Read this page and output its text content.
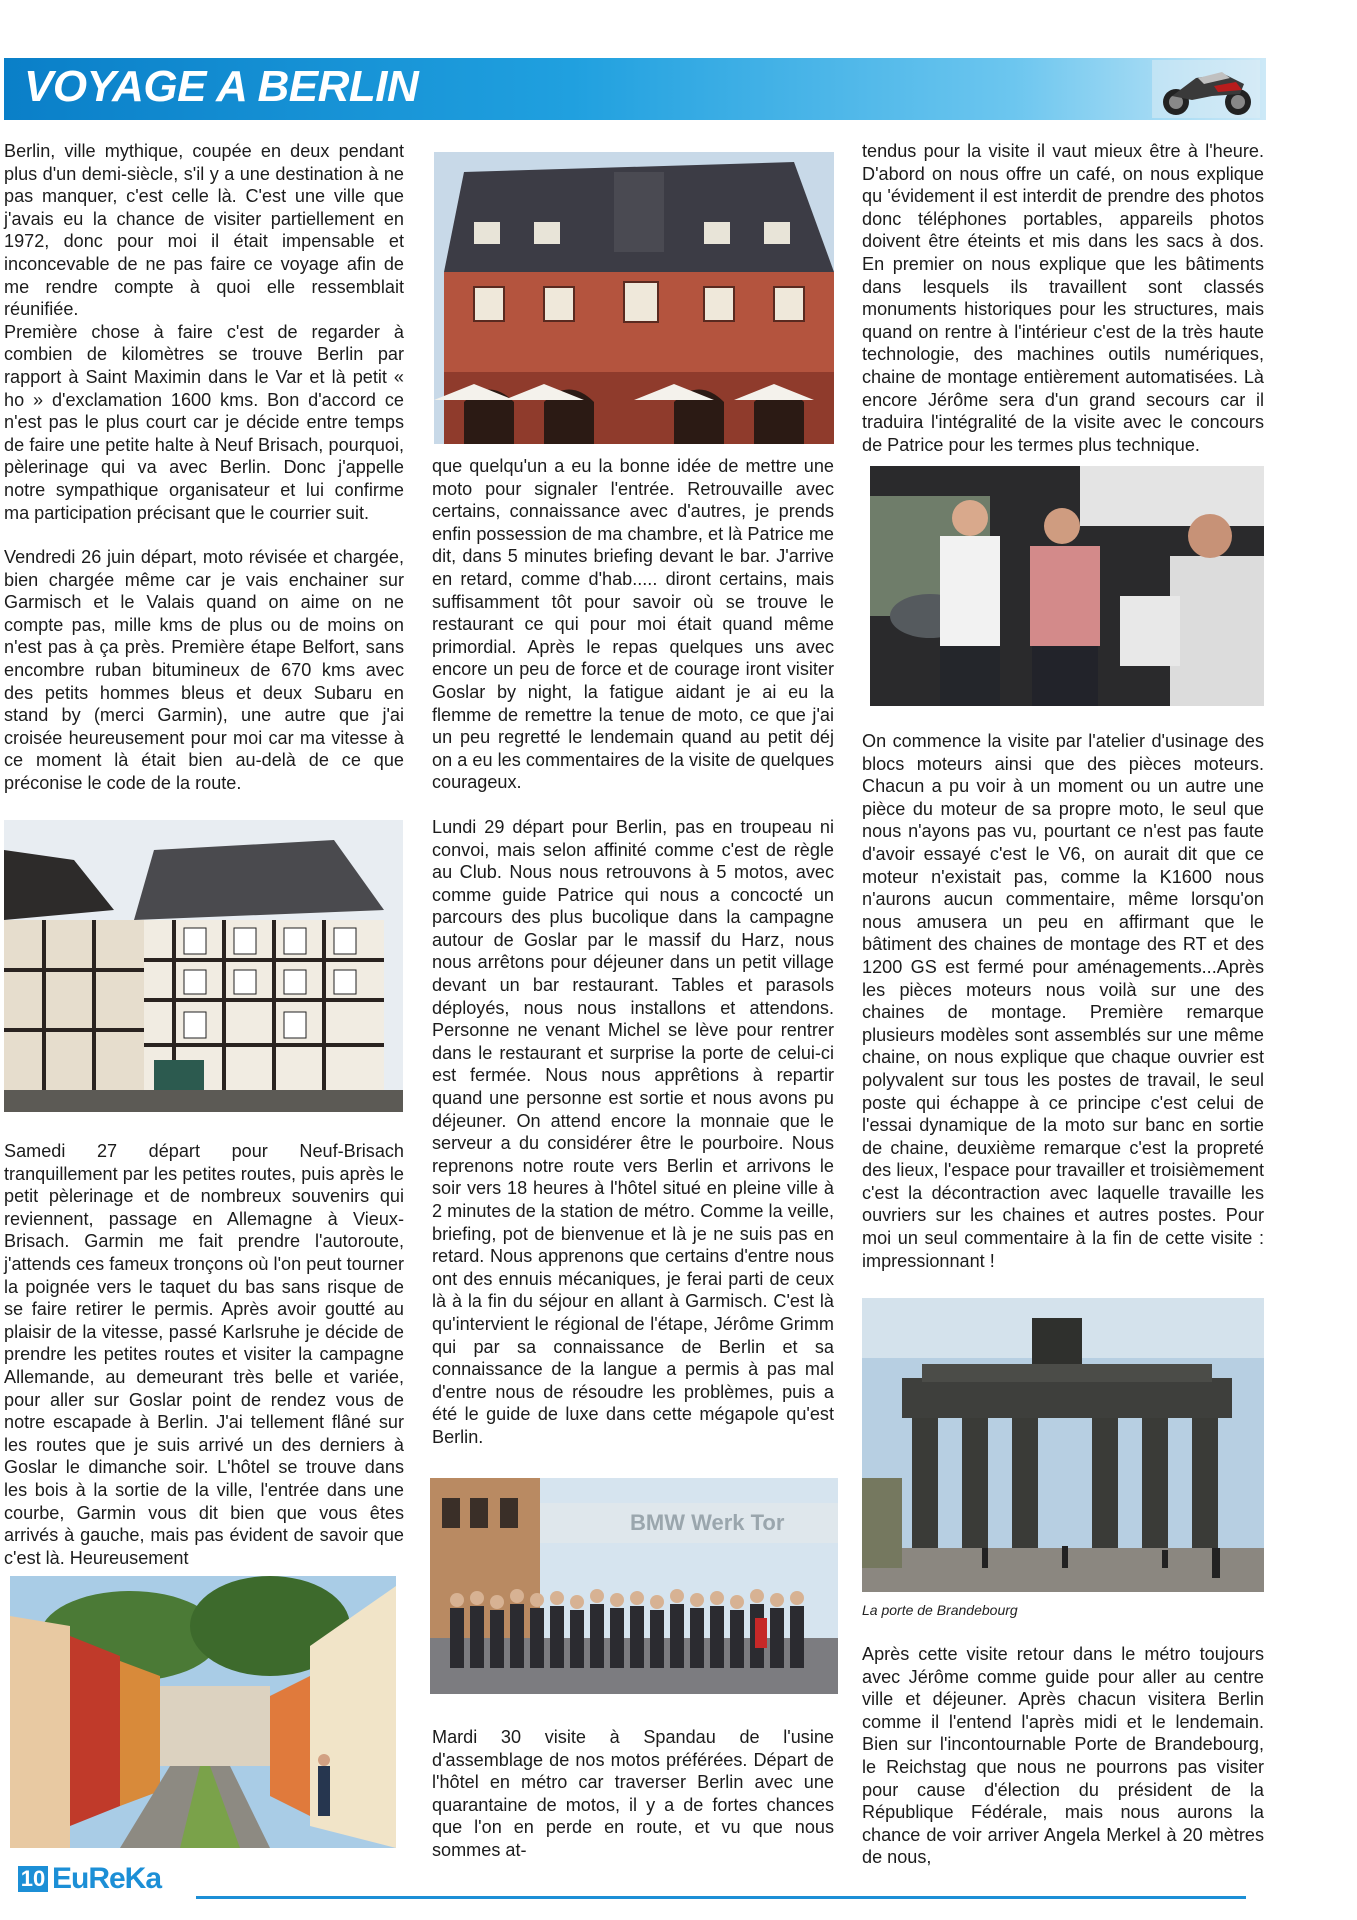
VOYAGE A BERLIN

Berlin, ville mythique, coupée en deux pendant plus d'un demi-siècle, s'il y a une destination à ne pas manquer, c'est celle là. C'est une ville que j'avais eu la chance de visiter partiellement en 1972, donc pour moi il était impensable et inconcevable de ne pas faire ce voyage afin de me rendre compte à quoi elle ressemblait réunifiée.

Première chose à faire c'est de regarder à combien de kilomètres se trouve Berlin par rapport à Saint Maximin dans le Var et là petit « ho » d'exclamation 1600 kms. Bon d'accord ce n'est pas le plus court car je décide entre temps de faire une petite halte à Neuf Brisach, pourquoi, pèlerinage qui va avec Berlin. Donc j'appelle notre sympathique organisateur et lui confirme ma participation précisant que le courrier suit.

Vendredi 26 juin départ, moto révisée et chargée, bien chargée même car je vais enchainer sur Garmisch et le Valais quand on aime on ne compte pas, mille kms de plus ou de moins on n'est pas à ça près. Première étape Belfort, sans encombre ruban bitumineux de 670 kms avec des petits hommes bleus et deux Subaru en stand by (merci Garmin), une autre que j'ai croisée heureusement pour moi car ma vitesse à ce moment là était bien au-delà de ce que préconise le code de la route.

Samedi 27 départ pour Neuf-Brisach tranquillement par les petites routes, puis après le petit pèlerinage et de nombreux souvenirs qui reviennent, passage en Allemagne à Vieux-Brisach. Garmin me fait prendre l'autoroute, j'attends ces fameux tronçons où l'on peut tourner la poignée vers le taquet du bas sans risque de se faire retirer le permis. Après avoir goutté au plaisir de la vitesse, passé Karlsruhe je décide de prendre les petites routes et visiter la campagne Allemande, au demeurant très belle et variée, pour aller sur Goslar point de rendez vous de notre escapade à Berlin. J'ai tellement flâné sur les routes que je suis arrivé un des derniers à Goslar le dimanche soir. L'hôtel se trouve dans les bois à la sortie de la ville, l'entrée dans une courbe, Garmin vous dit bien que vous êtes arrivés à gauche, mais pas évident de savoir que c'est là. Heureusement

que quelqu'un a eu la bonne idée de mettre une moto pour signaler l'entrée. Retrouvaille avec certains, connaissance avec d'autres, je prends enfin possession de ma chambre, et là Patrice me dit, dans 5 minutes briefing devant le bar. J'arrive en retard, comme d'hab..... diront certains, mais suffisamment tôt pour savoir où se trouve le restaurant ce qui pour moi était quand même primordial. Après le repas quelques uns avec encore un peu de force et de courage iront visiter Goslar by night, la fatigue aidant je ai eu la flemme de remettre la tenue de moto, ce que j'ai un peu regretté le lendemain quand au petit déj on a eu les commentaires de la visite de quelques courageux.

Lundi 29 départ pour Berlin, pas en troupeau ni convoi, mais selon affinité comme c'est de règle au Club. Nous nous retrouvons à 5 motos, avec comme guide Patrice qui nous a concocté un parcours des plus bucolique dans la campagne autour de Goslar par le massif du Harz, nous nous arrêtons pour déjeuner dans un petit village devant un bar restaurant. Tables et parasols déployés, nous nous installons et attendons. Personne ne venant Michel se lève pour rentrer dans le restaurant et surprise la porte de celui-ci est fermée. Nous nous apprêtions à repartir quand une personne est sortie et nous avons pu déjeuner. On attend encore la monnaie que le serveur a du considérer être le pourboire. Nous reprenons notre route vers Berlin et arrivons le soir vers 18 heures à l'hôtel situé en pleine ville à 2 minutes de la station de métro. Comme la veille, briefing, pot de bienvenue et là je ne suis pas en retard. Nous apprenons que certains d'entre nous ont des ennuis mécaniques, je ferai parti de ceux là à la fin du séjour en allant à Garmisch. C'est là qu'intervient le régional de l'étape, Jérôme Grimm qui par sa connaissance de Berlin et sa connaissance de la langue a permis à pas mal d'entre nous de résoudre les problèmes, puis a été le guide de luxe dans cette mégapole qu'est Berlin.

BMW Werk Tor

Mardi 30 visite à Spandau de l'usine d'assemblage de nos motos préférées. Départ de l'hôtel en métro car traverser Berlin avec une quarantaine de motos, il y a de fortes chances que l'on en perde en route, et vu que nous sommes at-

tendus pour la visite il vaut mieux être à l'heure. D'abord on nous offre un café, on nous explique qu 'évidement il est interdit de prendre des photos donc téléphones portables, appareils photos doivent être éteints et mis dans les sacs à dos. En premier on nous explique que les bâtiments dans lesquels ils travaillent sont classés monuments historiques pour les structures, mais quand on rentre à l'intérieur c'est de la très haute technologie, des machines outils numériques, chaine de montage entièrement automatisées. Là encore Jérôme sera d'un grand secours car il traduira l'intégralité de la visite avec le concours de Patrice pour les termes plus technique.

On commence la visite par l'atelier d'usinage des blocs moteurs ainsi que des pièces moteurs. Chacun a pu voir à un moment ou un autre une pièce du moteur de sa propre moto, le seul que nous n'ayons pas vu, pourtant ce n'est pas faute d'avoir essayé c'est le V6, on aurait dit que ce moteur n'existait pas, comme la K1600 nous n'aurons aucun commentaire, même lorsqu'on nous amusera un peu en affirmant que le bâtiment des chaines de montage des RT et des 1200 GS est fermé pour aménagements...Après les pièces moteurs nous voilà sur une des chaines de montage. Première remarque plusieurs modèles sont assemblés sur une même chaine, on nous explique que chaque ouvrier est polyvalent sur tous les postes de travail, le seul poste qui échappe à ce principe c'est celui de l'essai dynamique de la moto sur banc en sortie de chaine, deuxième remarque c'est la propreté des lieux, l'espace pour travailler et troisièmement c'est la décontraction avec laquelle travaille les ouvriers sur les chaines et autres postes. Pour moi un seul commentaire à la fin de cette visite : impressionnant !

La porte de Brandebourg

Après cette visite retour dans le métro toujours avec Jérôme comme guide pour aller au centre ville et déjeuner. Après chacun visitera Berlin comme il l'entend l'après midi et le lendemain. Bien sur l'incontournable Porte de Brandebourg, le Reichstag que nous ne pourrons pas visiter pour cause d'élection du président de la République Fédérale, mais nous aurons la chance de voir arriver Angela Merkel à 20 mètres de nous,

10 EuReKa
